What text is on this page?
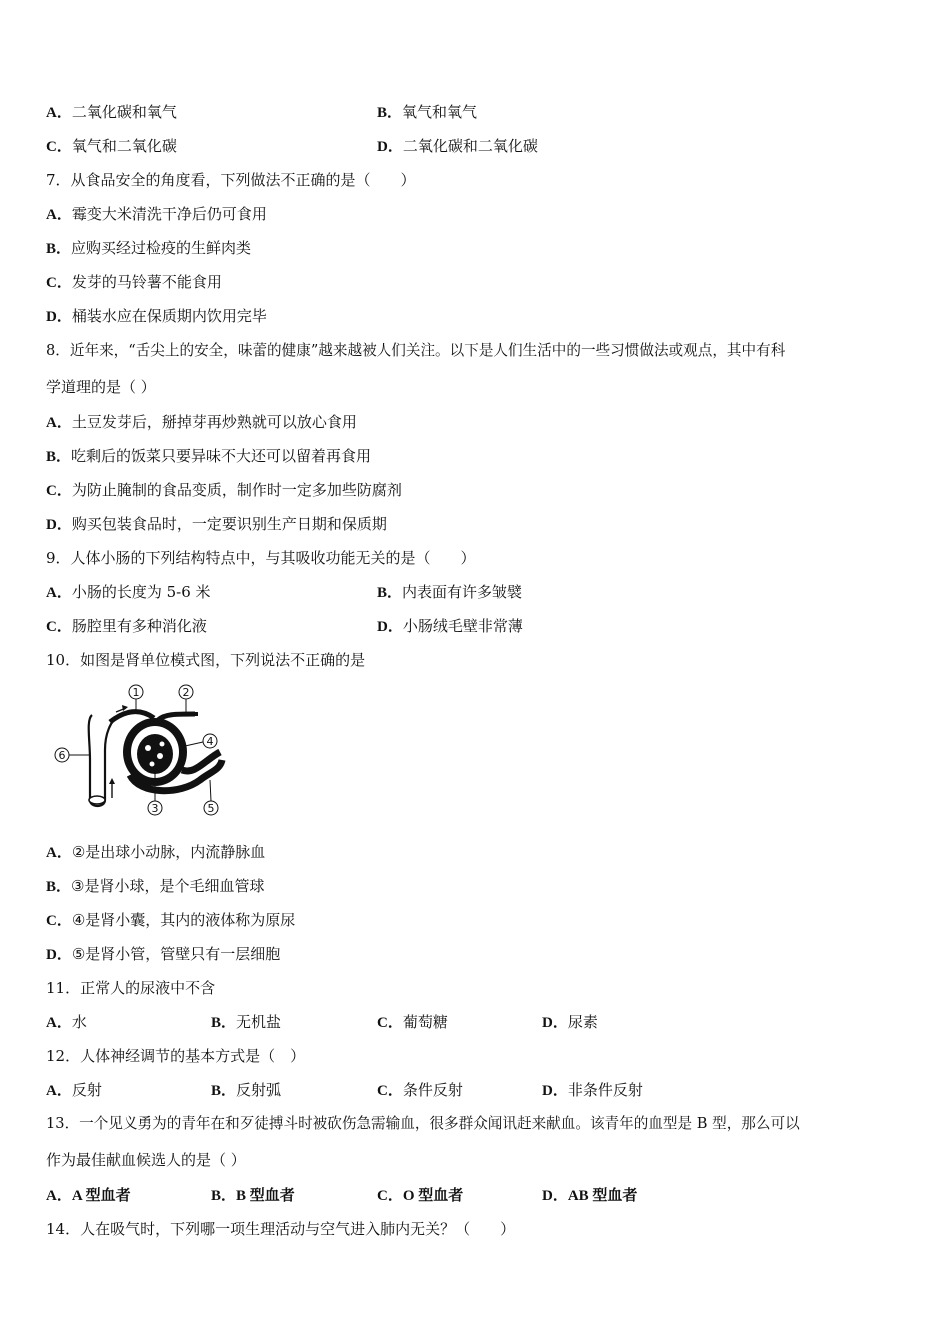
A．二氧化碳和氧气	B．氧气和氧气
C．氧气和二氧化碳	D．二氧化碳和二氧化碳
7．从食品安全的角度看，下列做法不正确的是（　　）
A．霉变大米清洗干净后仍可食用
B．应购买经过检疫的生鲜肉类
C．发芽的马铃薯不能食用
D．桶装水应在保质期内饮用完毕
8．近年来，“舌尖上的安全，味蕾的健康”越来越被人们关注。以下是人们生活中的一些习惯做法或观点，其中有科
学道理的是（ ）
A．土豆发芽后，掰掉芽再炒熟就可以放心食用
B．吃剩后的饭菜只要异味不大还可以留着再食用
C．为防止腌制的食品变质，制作时一定多加些防腐剂
D．购买包装食品时，一定要识别生产日期和保质期
9．人体小肠的下列结构特点中，与其吸收功能无关的是（　　）
A．小肠的长度为 5-6 米	B．内表面有许多皱襞
C．肠腔里有多种消化液	D．小肠绒毛壁非常薄
10．如图是肾单位模式图，下列说法不正确的是
1	2
4
6
3	5
A．②是出球小动脉，内流静脉血
B．③是肾小球，是个毛细血管球
C．④是肾小囊，其内的液体称为原尿
D．⑤是肾小管，管壁只有一层细胞
11．正常人的尿液中不含
A．水	B．无机盐	C．葡萄糖	D．尿素
12．人体神经调节的基本方式是（　）
A．反射	B．反射弧	C．条件反射	D．非条件反射
13．一个见义勇为的青年在和歹徒搏斗时被砍伤急需输血，很多群众闻讯赶来献血。该青年的血型是 B 型，那么可以
作为最佳献血候选人的是（ ）
A．A 型血者	B．B 型血者	C．O 型血者	D．AB 型血者
14．人在吸气时，下列哪一项生理活动与空气进入肺内无关？（　　）
